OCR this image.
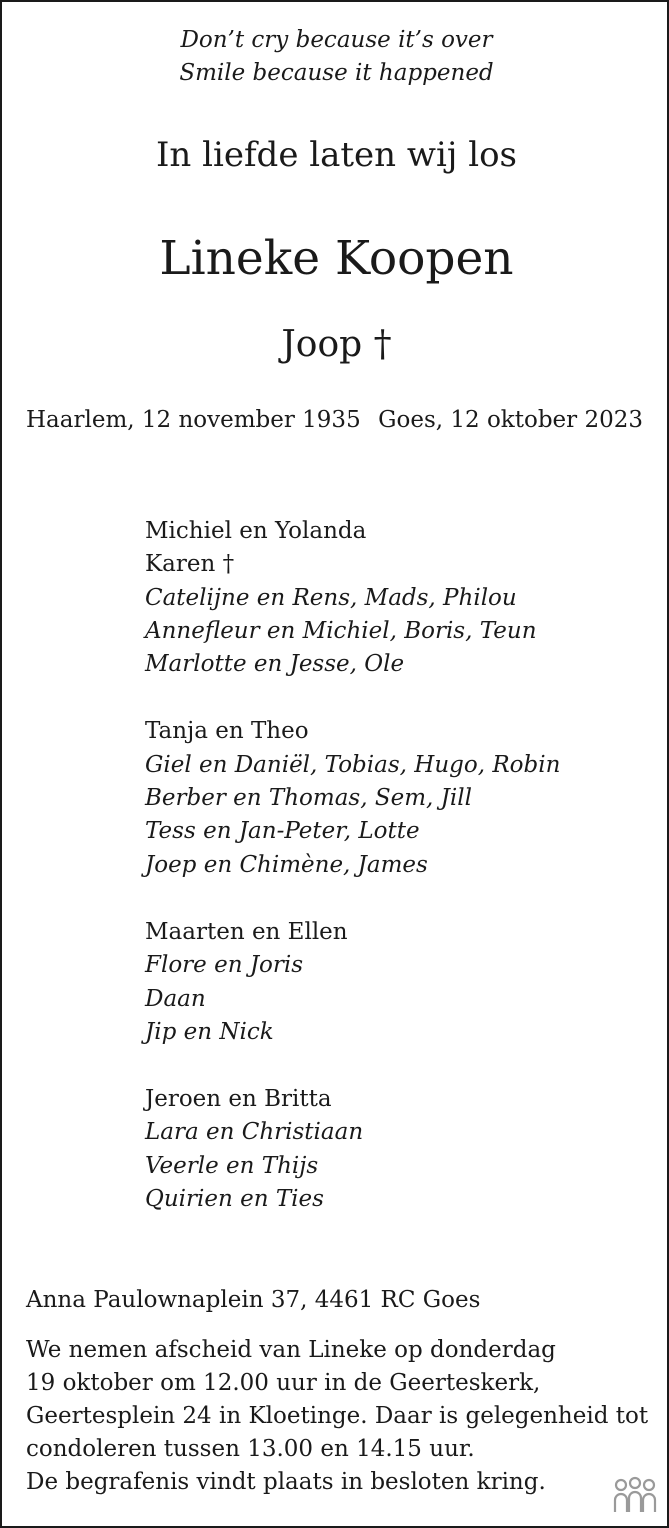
Don’t cry because it’s over
Smile because it happened
In liefde laten wij los
Lineke Koopen
Joop †
Haarlem, 12 november 1935 Goes, 12 oktober 2023
Michiel en Yolanda
Karen †
Catelijne en Rens, Mads, Philou
Annefleur en Michiel, Boris, Teun
Marlotte en Jesse, Ole
Tanja en Theo
Giel en Daniël, Tobias, Hugo, Robin
Berber en Thomas, Sem, Jill
Tess en Jan-Peter, Lotte
Joep en Chimène, James
Maarten en Ellen
Flore en Joris
Daan
Jip en Nick
Jeroen en Britta
Lara en Christiaan
Veerle en Thijs
Quirien en Ties
Anna Paulownaplein 37, 4461 RC Goes
We nemen afscheid van Lineke op donderdag
19 oktober om 12.00 uur in de Geerteskerk,
Geertesplein 24 in Kloetinge. Daar is gelegenheid tot
condoleren tussen 13.00 en 14.15 uur.
De begrafenis vindt plaats in besloten kring.
